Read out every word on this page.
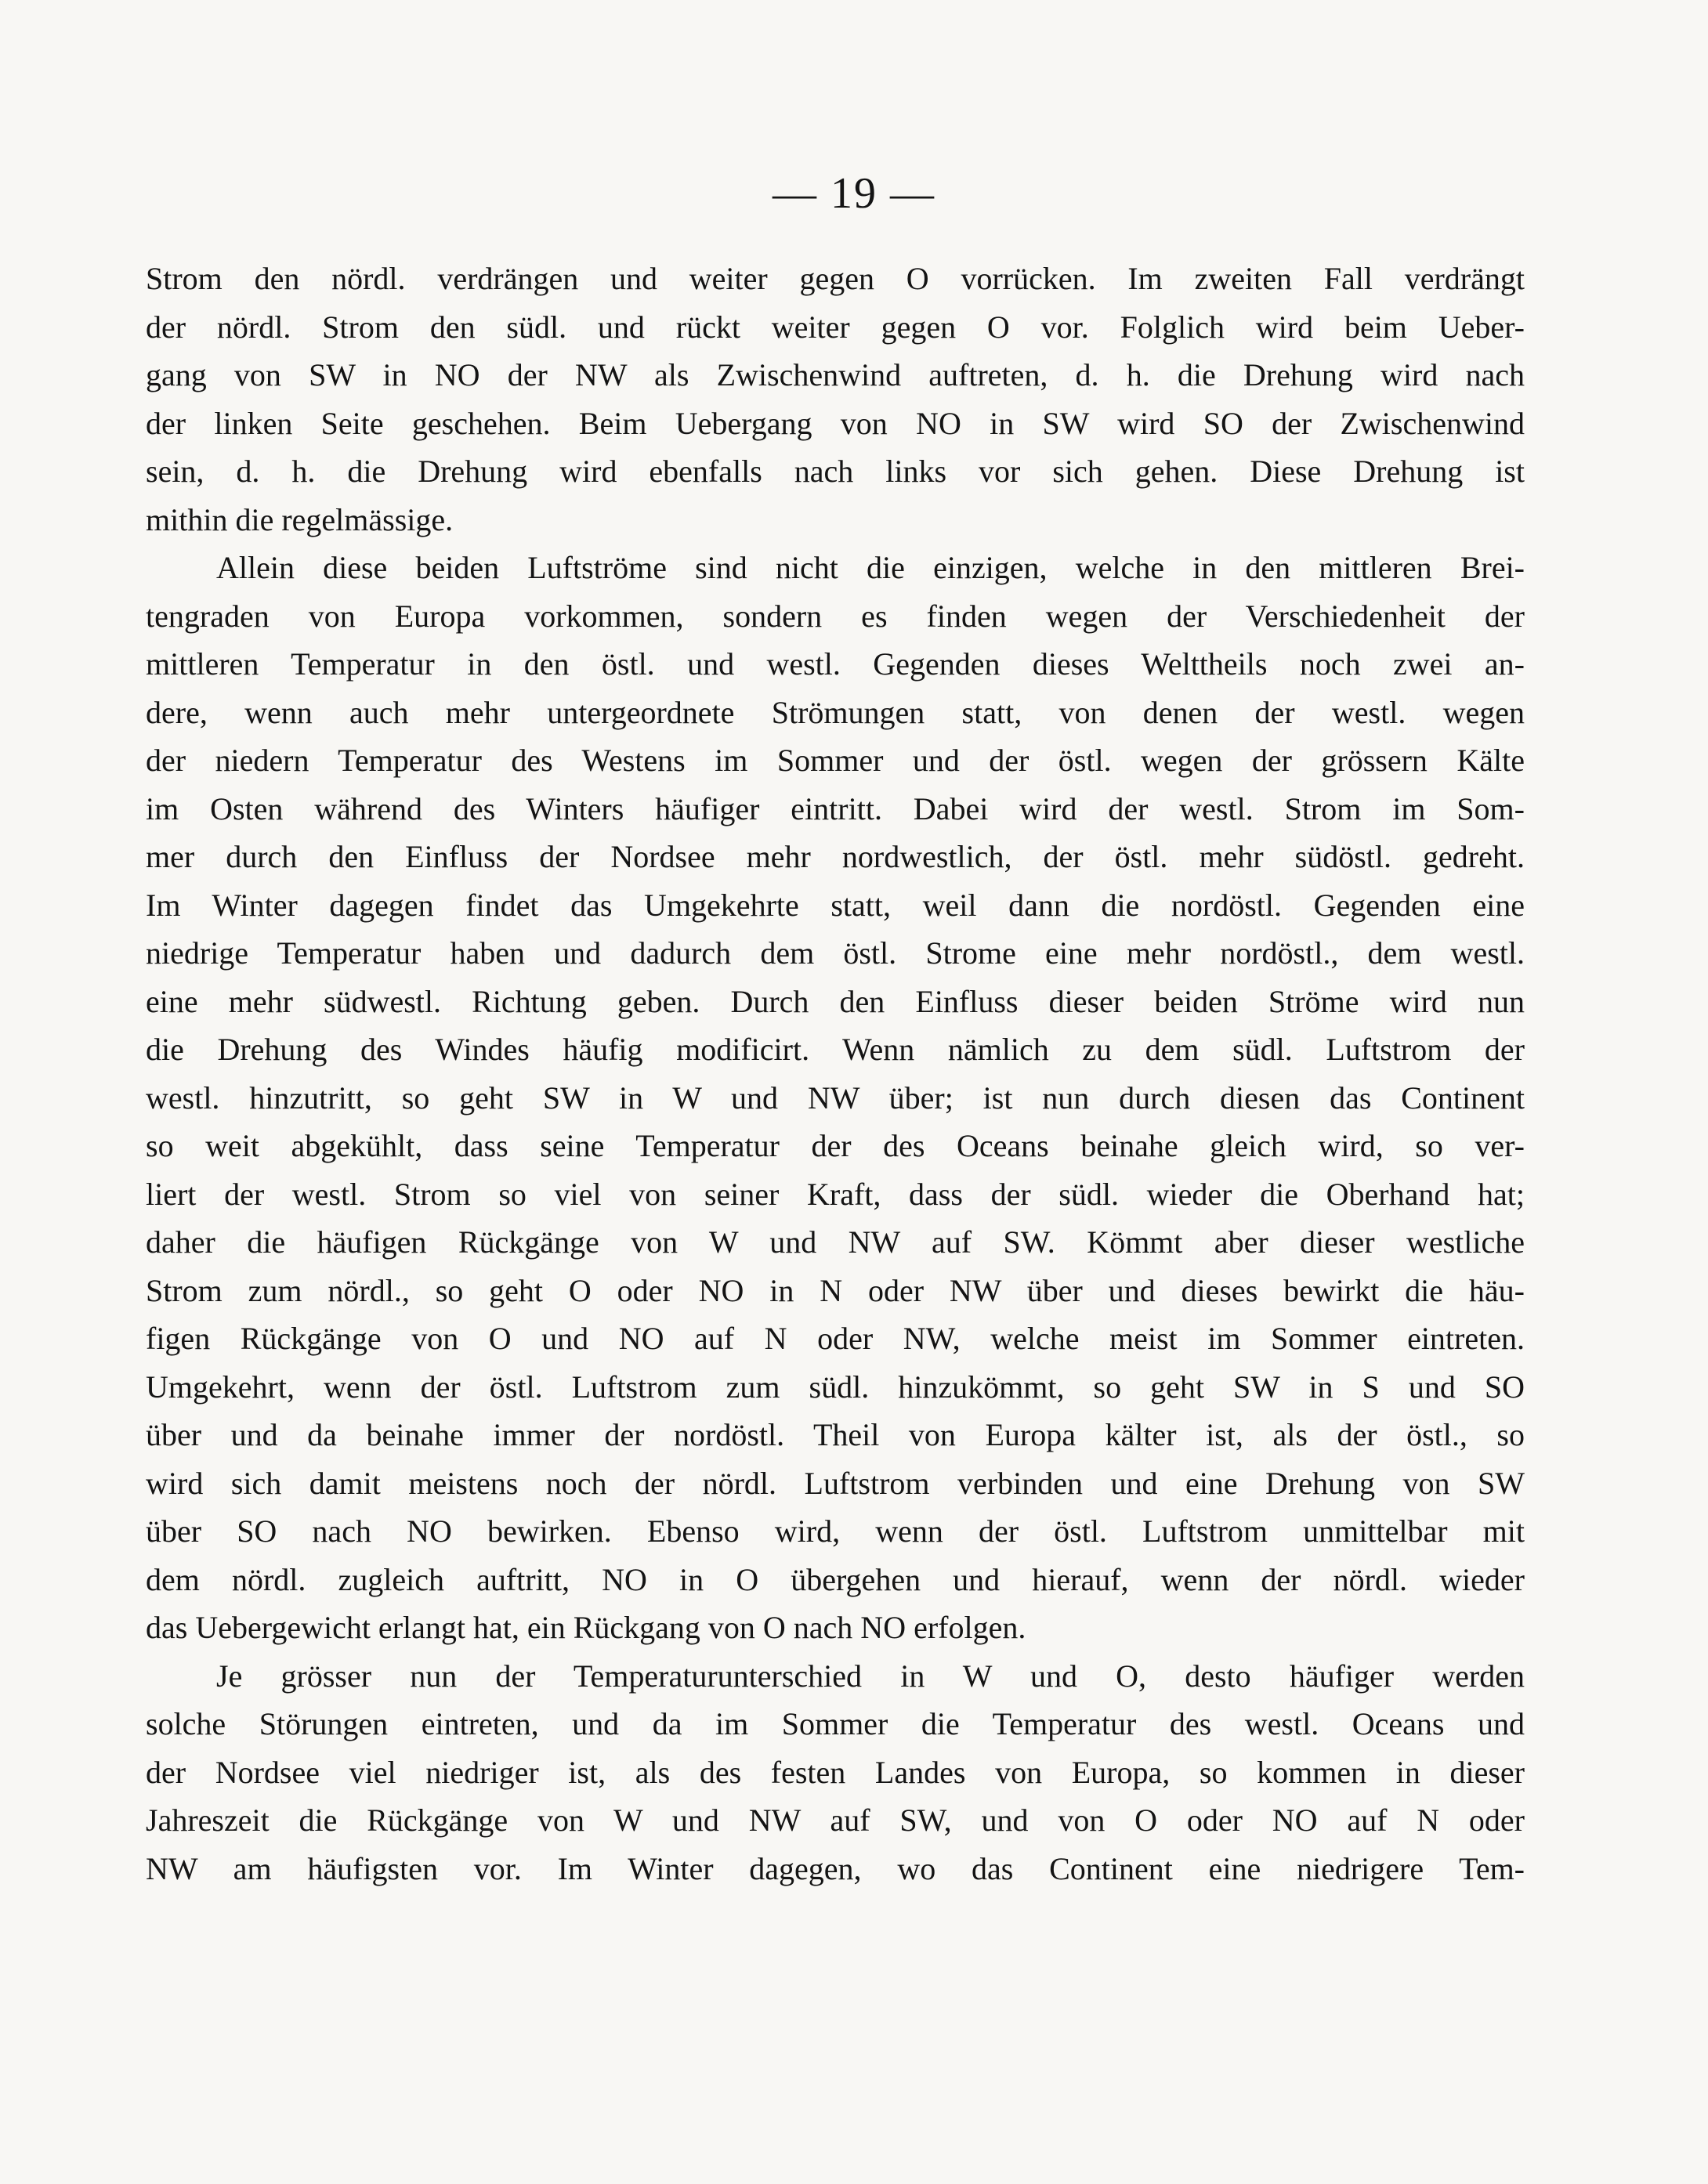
— 19 —
Strom den nördl. verdrängen und weiter gegen O vorrücken. Im zweiten Fall verdrängt
der nördl. Strom den südl. und rückt weiter gegen O vor. Folglich wird beim Ueber-
gang von SW in NO der NW als Zwischenwind auftreten, d. h. die Drehung wird nach
der linken Seite geschehen. Beim Uebergang von NO in SW wird SO der Zwischenwind
sein, d. h. die Drehung wird ebenfalls nach links vor sich gehen. Diese Drehung ist
mithin die regelmässige.
Allein diese beiden Luftströme sind nicht die einzigen, welche in den mittleren Brei-
tengraden von Europa vorkommen, sondern es finden wegen der Verschiedenheit der
mittleren Temperatur in den östl. und westl. Gegenden dieses Welttheils noch zwei an-
dere, wenn auch mehr untergeordnete Strömungen statt, von denen der westl. wegen
der niedern Temperatur des Westens im Sommer und der östl. wegen der grössern Kälte
im Osten während des Winters häufiger eintritt. Dabei wird der westl. Strom im Som-
mer durch den Einfluss der Nordsee mehr nordwestlich, der östl. mehr südöstl. gedreht.
Im Winter dagegen findet das Umgekehrte statt, weil dann die nordöstl. Gegenden eine
niedrige Temperatur haben und dadurch dem östl. Strome eine mehr nordöstl., dem westl.
eine mehr südwestl. Richtung geben. Durch den Einfluss dieser beiden Ströme wird nun
die Drehung des Windes häufig modificirt. Wenn nämlich zu dem südl. Luftstrom der
westl. hinzutritt, so geht SW in W und NW über; ist nun durch diesen das Continent
so weit abgekühlt, dass seine Temperatur der des Oceans beinahe gleich wird, so ver-
liert der westl. Strom so viel von seiner Kraft, dass der südl. wieder die Oberhand hat;
daher die häufigen Rückgänge von W und NW auf SW. Kömmt aber dieser westliche
Strom zum nördl., so geht O oder NO in N oder NW über und dieses bewirkt die häu-
figen Rückgänge von O und NO auf N oder NW, welche meist im Sommer eintreten.
Umgekehrt, wenn der östl. Luftstrom zum südl. hinzukömmt, so geht SW in S und SO
über und da beinahe immer der nordöstl. Theil von Europa kälter ist, als der östl., so
wird sich damit meistens noch der nördl. Luftstrom verbinden und eine Drehung von SW
über SO nach NO bewirken. Ebenso wird, wenn der östl. Luftstrom unmittelbar mit
dem nördl. zugleich auftritt, NO in O übergehen und hierauf, wenn der nördl. wieder
das Uebergewicht erlangt hat, ein Rückgang von O nach NO erfolgen.
Je grösser nun der Temperaturunterschied in W und O, desto häufiger werden
solche Störungen eintreten, und da im Sommer die Temperatur des westl. Oceans und
der Nordsee viel niedriger ist, als des festen Landes von Europa, so kommen in dieser
Jahreszeit die Rückgänge von W und NW auf SW, und von O oder NO auf N oder
NW am häufigsten vor. Im Winter dagegen, wo das Continent eine niedrigere Tem-
